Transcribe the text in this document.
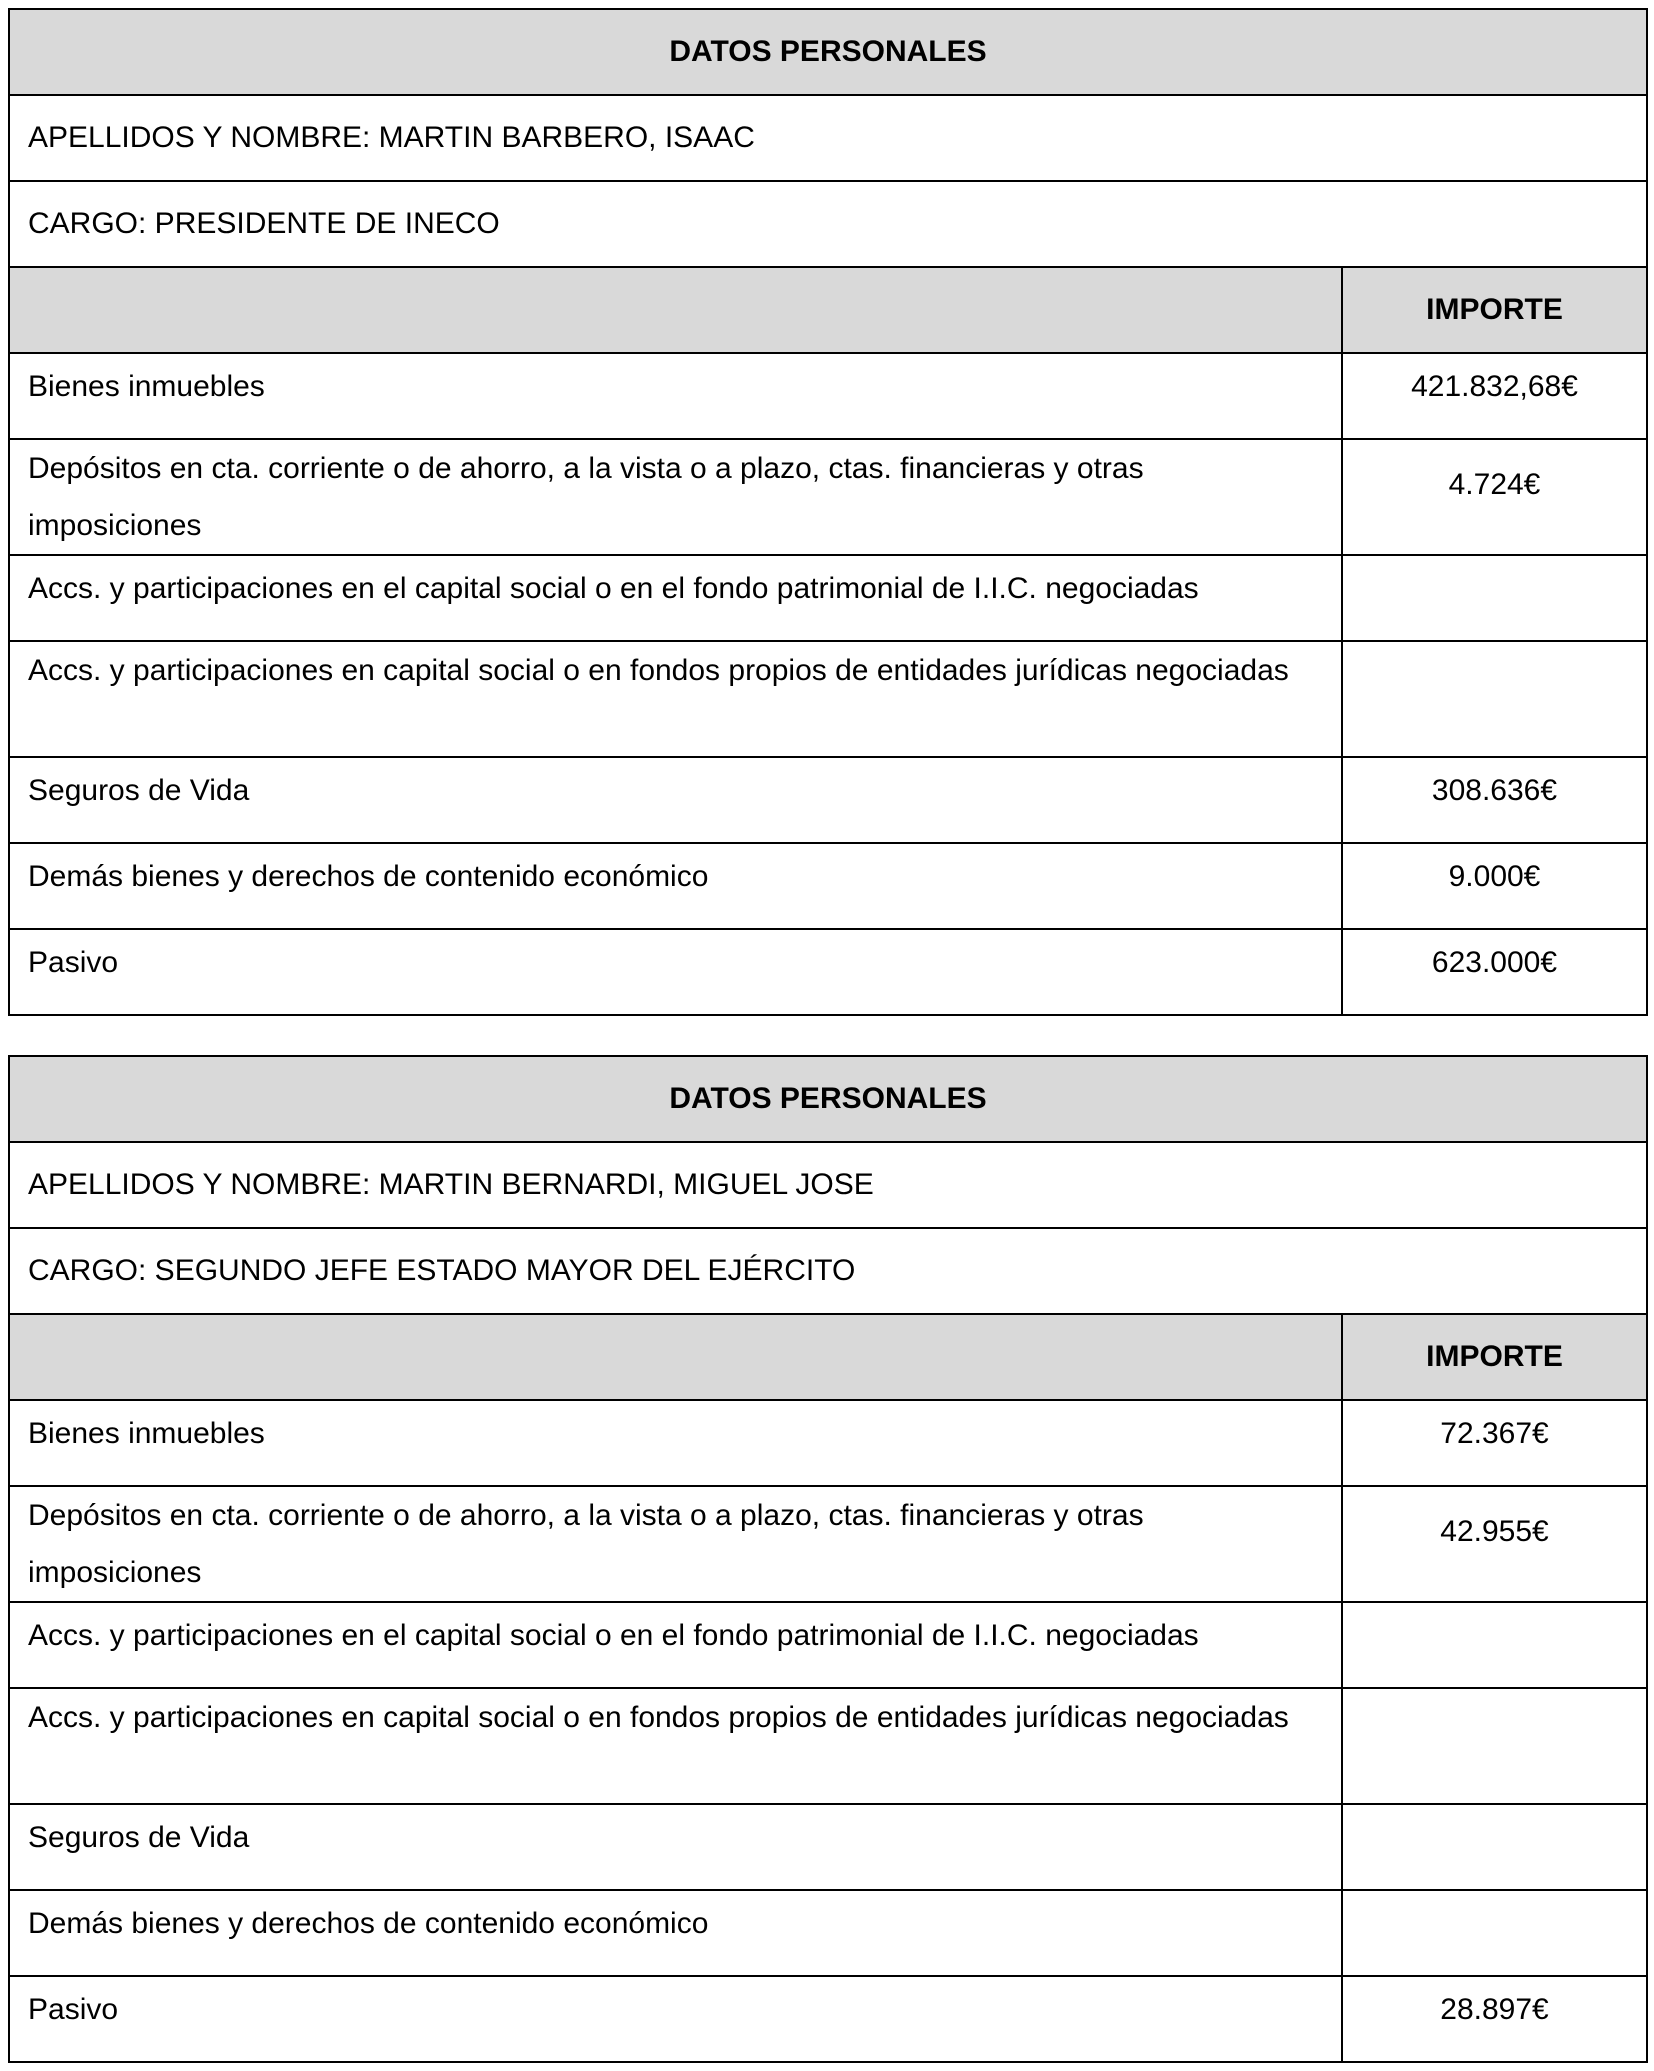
DATOS PERSONALES	
APELLIDOS Y NOMBRE: MARTIN BARBERO, ISAAC	
CARGO: PRESIDENTE DE INECO	
	IMPORTE
Bienes inmuebles	421.832,68€
Depósitos en cta. corriente o de ahorro, a la vista o a plazo, ctas. financieras y otras imposiciones	4.724€
Accs. y participaciones en el capital social o en el fondo patrimonial de I.I.C. negociadas	
Accs. y participaciones en capital social o en fondos propios de entidades jurídicas negociadas	
Seguros de Vida	308.636€
Demás bienes y derechos de contenido económico	9.000€
Pasivo	623.000€
DATOS PERSONALES	
APELLIDOS Y NOMBRE: MARTIN BERNARDI, MIGUEL JOSE	
CARGO: SEGUNDO JEFE ESTADO MAYOR DEL EJÉRCITO	
	IMPORTE
Bienes inmuebles	72.367€
Depósitos en cta. corriente o de ahorro, a la vista o a plazo, ctas. financieras y otras imposiciones	42.955€
Accs. y participaciones en el capital social o en el fondo patrimonial de I.I.C. negociadas	
Accs. y participaciones en capital social o en fondos propios de entidades jurídicas negociadas	
Seguros de Vida	
Demás bienes y derechos de contenido económico	
Pasivo	28.897€
